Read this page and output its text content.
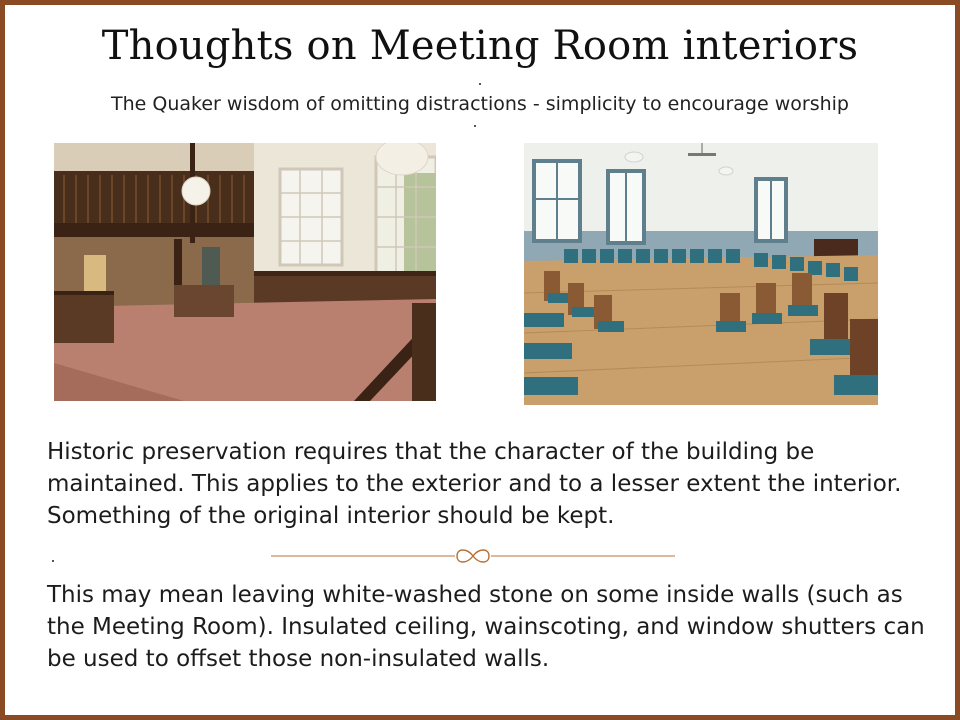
Thoughts on Meeting Room interiors
The Quaker wisdom of omitting distractions - simplicity to encourage worship
Historic preservation requires that the character of the building be maintained. This applies to the exterior and to a lesser extent the interior. Something of the original interior should be kept.
This may mean leaving white-washed stone on some inside walls (such as the Meeting Room). Insulated ceiling, wainscoting, and window shutters can be used to offset those non-insulated walls.
